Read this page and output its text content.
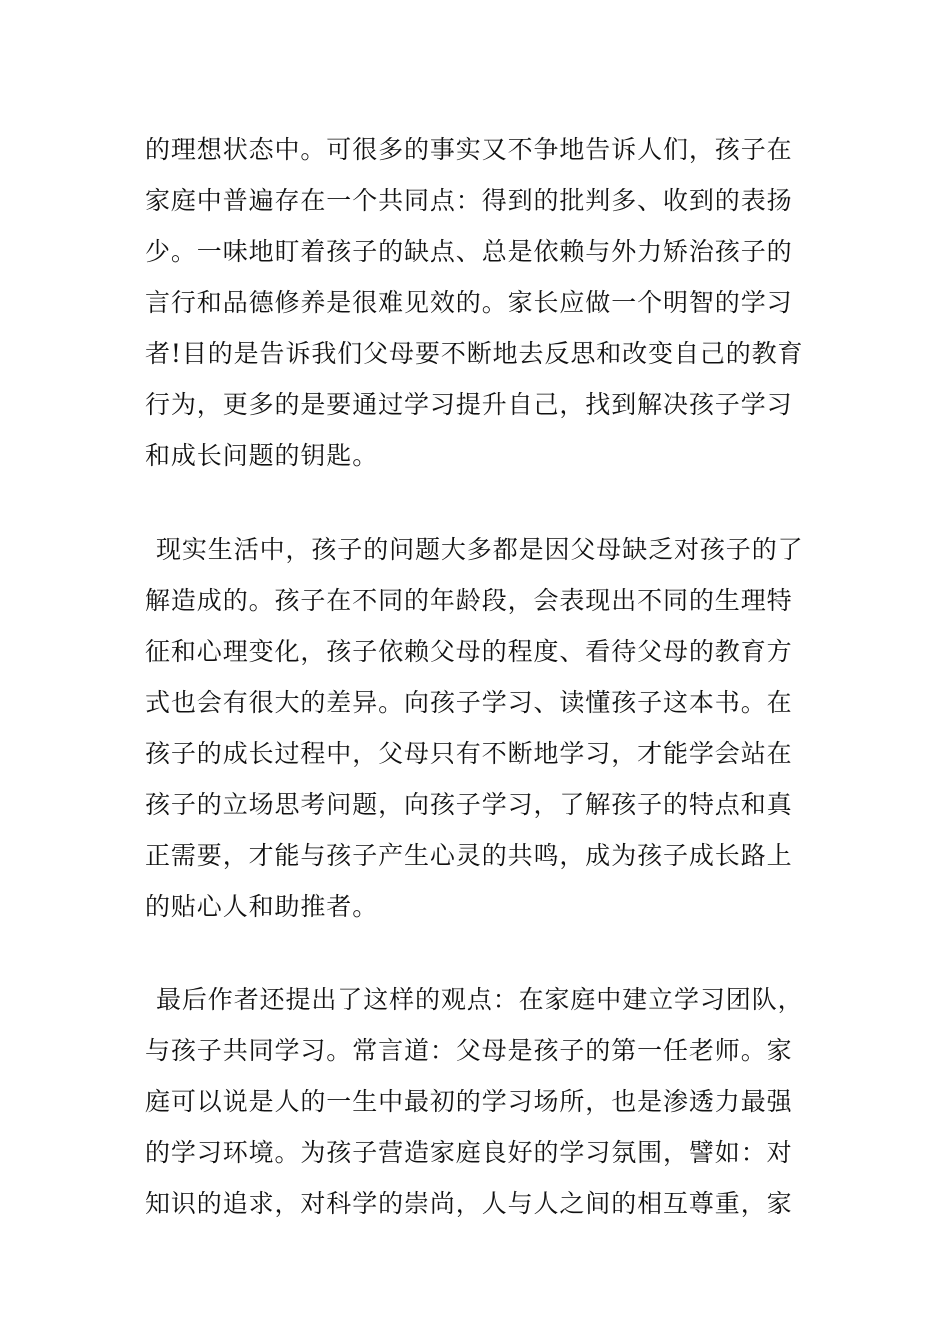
的理想状态中。可很多的事实又不争地告诉人们，孩子在
家庭中普遍存在一个共同点：得到的批判多、收到的表扬
少。一味地盯着孩子的缺点、总是依赖与外力矫治孩子的
言行和品德修养是很难见效的。家长应做一个明智的学习
者!目的是告诉我们父母要不断地去反思和改变自己的教育
行为，更多的是要通过学习提升自己，找到解决孩子学习
和成长问题的钥匙。
现实生活中，孩子的问题大多都是因父母缺乏对孩子的了
解造成的。孩子在不同的年龄段，会表现出不同的生理特
征和心理变化，孩子依赖父母的程度、看待父母的教育方
式也会有很大的差异。向孩子学习、读懂孩子这本书。在
孩子的成长过程中，父母只有不断地学习，才能学会站在
孩子的立场思考问题，向孩子学习，了解孩子的特点和真
正需要，才能与孩子产生心灵的共鸣，成为孩子成长路上
的贴心人和助推者。
最后作者还提出了这样的观点：在家庭中建立学习团队，
与孩子共同学习。常言道：父母是孩子的第一任老师。家
庭可以说是人的一生中最初的学习场所，也是渗透力最强
的学习环境。为孩子营造家庭良好的学习氛围，譬如：对
知识的追求，对科学的崇尚，人与人之间的相互尊重，家
